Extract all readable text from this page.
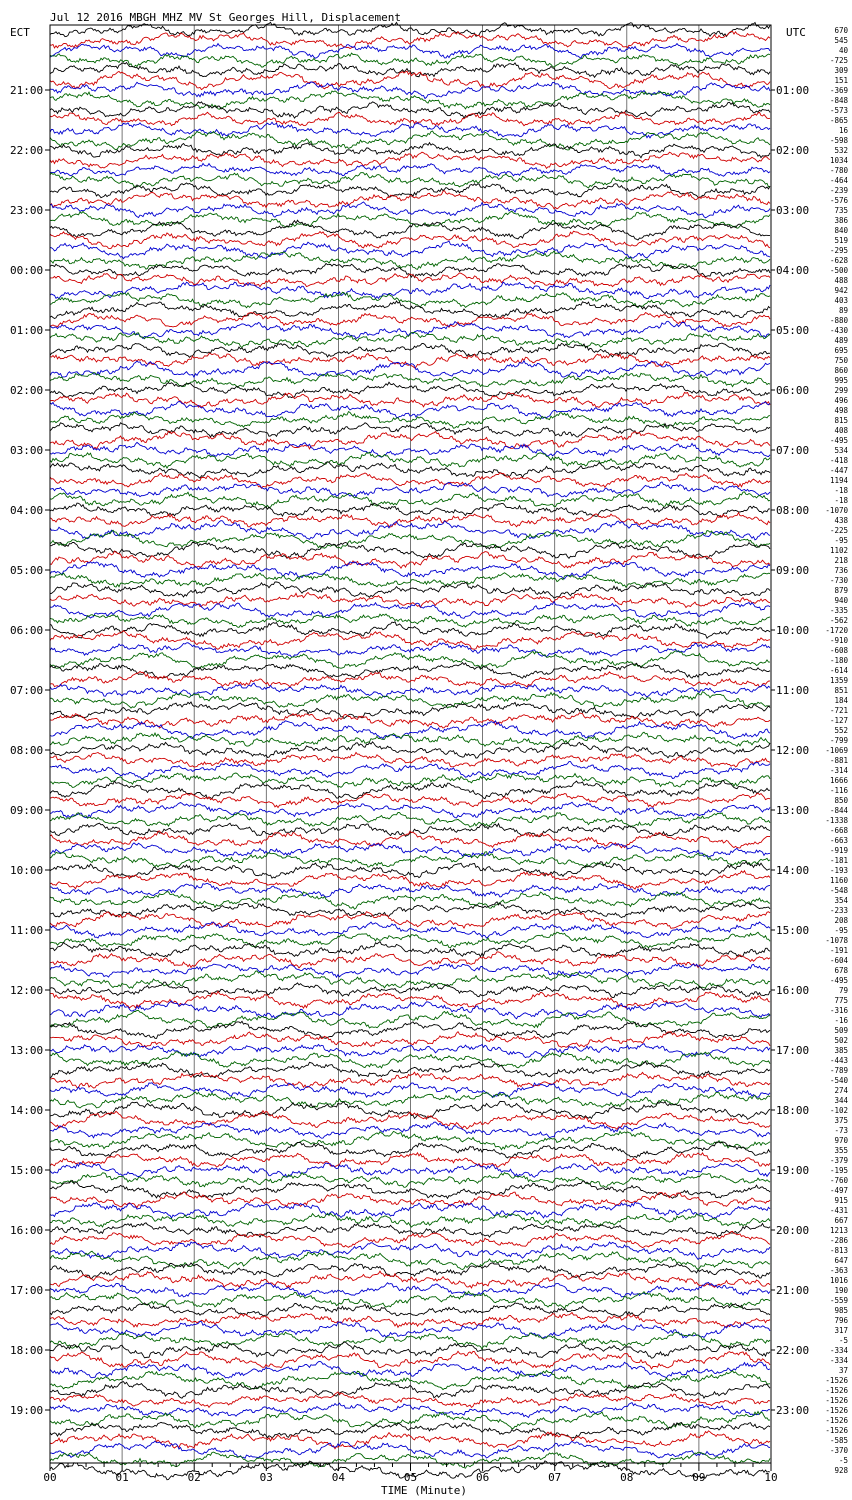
Jul 12 2016 MBGH MHZ MV St Georges Hill, Displacement
ECT	UTC
TIME (Minute)
00	01	02	03	04	05	06	07	08	09	10
21:00
22:00
23:00
00:00
01:00
02:00
03:00
04:00
05:00
06:00
07:00
08:00
09:00
10:00
11:00
12:00
13:00
14:00
15:00
16:00
17:00
18:00
19:00
01:00
02:00
03:00
04:00
05:00
06:00
07:00
08:00
09:00
10:00
11:00
12:00
13:00
14:00
15:00
16:00
17:00
18:00
19:00
20:00
21:00
22:00
23:00
670
545
40
-725
309
151
-369
-848
-573
-865
16
-598
532
1034
-780
-464
-239
-576
735
386
840
519
-295
-628
-500
488
942
403
89
-880
-430
489
695
750
860
995
299
496
498
815
408
-495
534
-418
-447
1194
-18
-18
-1070
438
-225
-95
1102
218
736
-730
879
940
-335
-562
-1720
-910
-608
-180
-614
1359
851
184
-721
-127
552
-799
-1069
-881
-314
1666
-116
850
-844
-1338
-668
-663
-919
-181
-193
1160
-548
354
-233
208
-95
-1078
-191
-604
678
-495
79
775
-316
-16
509
502
385
-443
-789
-540
274
344
-102
375
-73
970
355
-379
-195
-760
-497
915
-431
667
1213
-286
-813
647
-363
1016
190
-559
985
796
317
-5
-334
-334
37
-1526
-1526
-1526
-1526
-1526
-1526
-585
-370
-5
928
